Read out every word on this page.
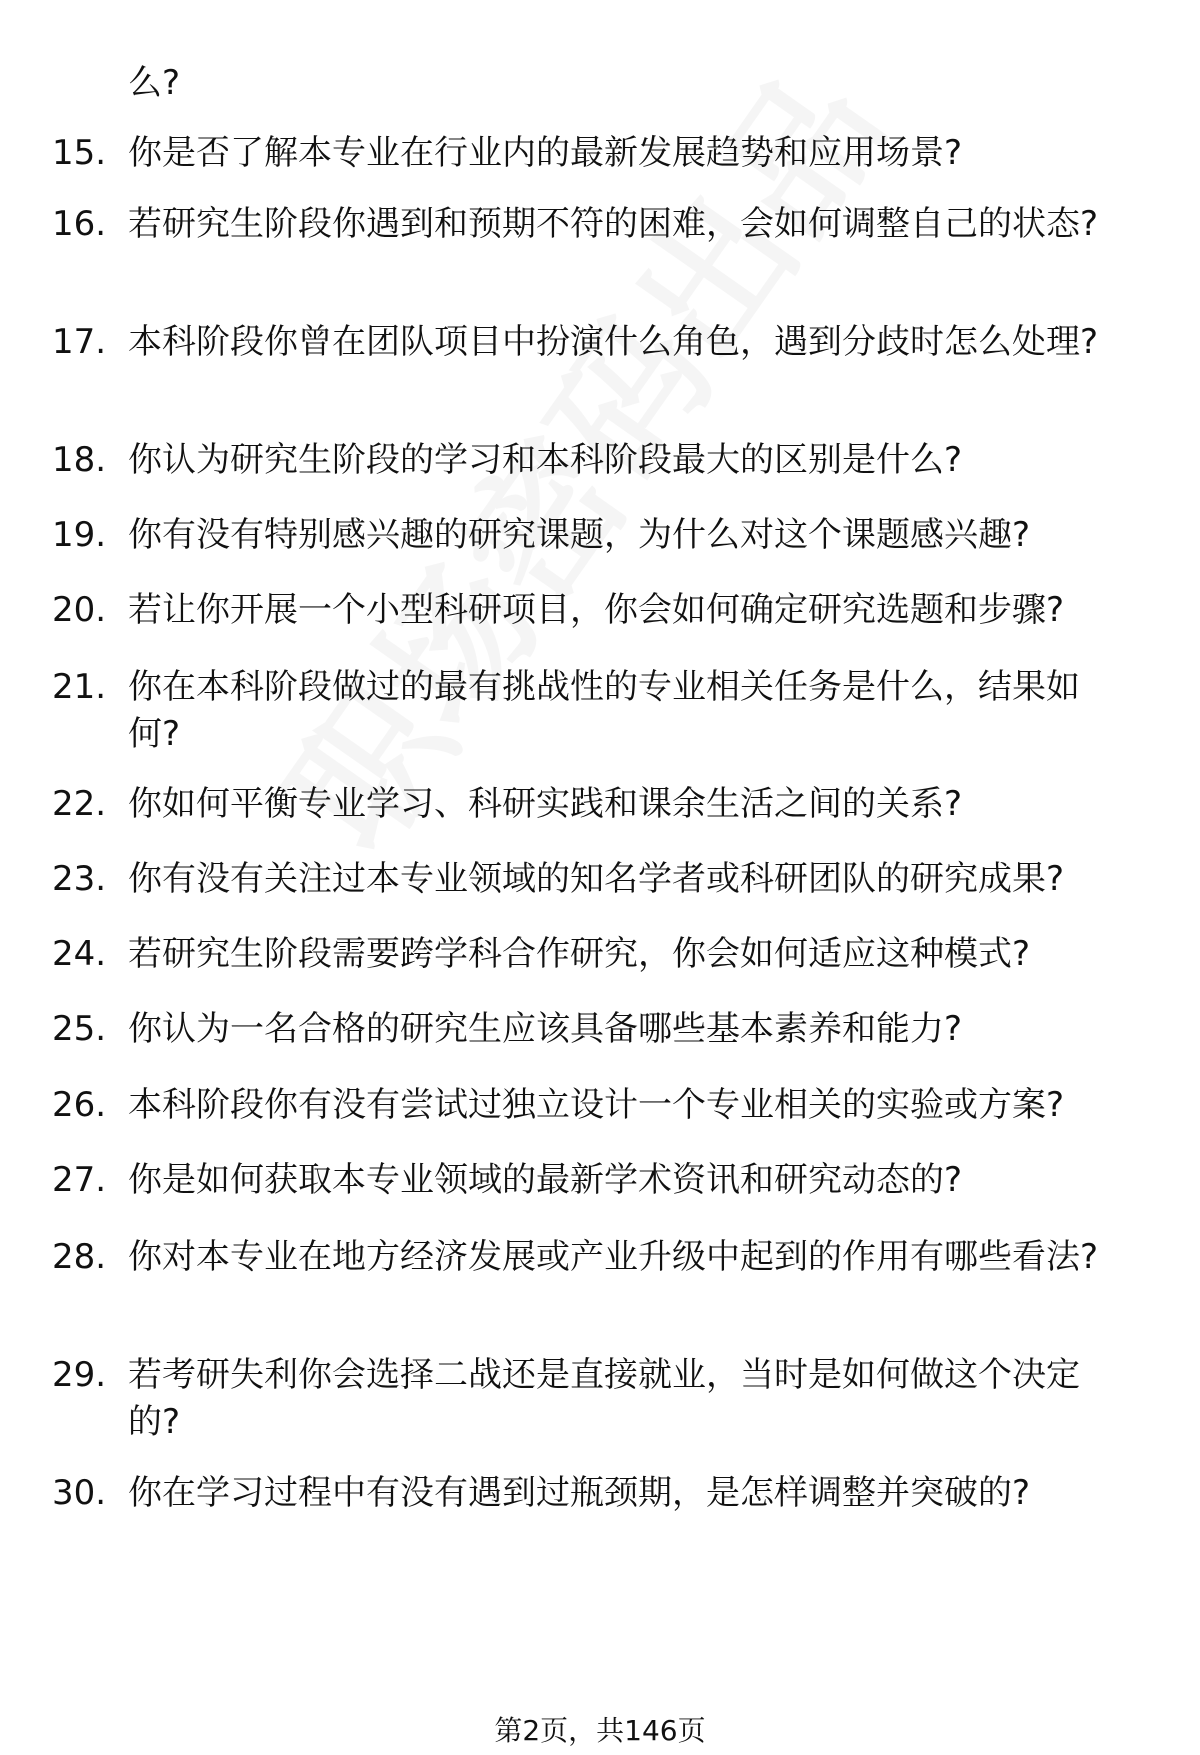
么?
15. 你是否了解本专业在行业内的最新发展趋势和应用场景?
16. 若研究生阶段你遇到和预期不符的困难，会如何调整自己的状态?
17. 本科阶段你曾在团队项目中扮演什么角色，遇到分歧时怎么处理?
18. 你认为研究生阶段的学习和本科阶段最大的区别是什么?
19. 你有没有特别感兴趣的研究课题，为什么对这个课题感兴趣?
20. 若让你开展一个小型科研项目，你会如何确定研究选题和步骤?
21. 你在本科阶段做过的最有挑战性的专业相关任务是什么，结果如何?
22. 你如何平衡专业学习、科研实践和课余生活之间的关系?
23. 你有没有关注过本专业领域的知名学者或科研团队的研究成果?
24. 若研究生阶段需要跨学科合作研究，你会如何适应这种模式?
25. 你认为一名合格的研究生应该具备哪些基本素养和能力?
26. 本科阶段你有没有尝试过独立设计一个专业相关的实验或方案?
27. 你是如何获取本专业领域的最新学术资讯和研究动态的?
28. 你对本专业在地方经济发展或产业升级中起到的作用有哪些看法?
29. 若考研失利你会选择二战还是直接就业，当时是如何做这个决定的?
30. 你在学习过程中有没有遇到过瓶颈期，是怎样调整并突破的?
第2页，共146页
